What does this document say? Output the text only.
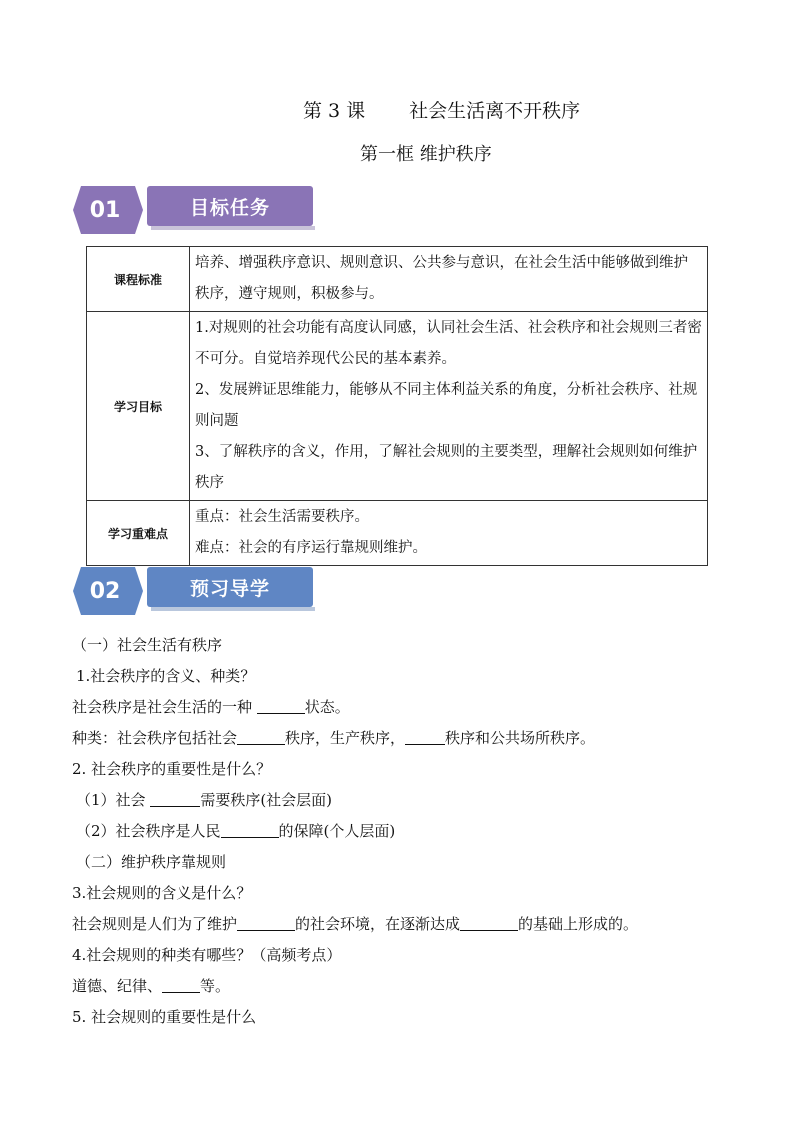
第 3 课 社会生活离不开秩序
第一框 维护秩序
01	目标任务
课程标准	培养、增强秩序意识、规则意识、公共参与意识，在社会生活中能够做到维护秩序，遵守规则，积极参与。

学习目标	1.对规则的社会功能有高度认同感，认同社会生活、社会秩序和社会规则三者密不可分。自觉培养现代公民的基本素养。
2、发展辨证思维能力，能够从不同主体利益关系的角度，分析社会秩序、社规则问题
3、了解秩序的含义，作用，了解社会规则的主要类型，理解社会规则如何维护秩序

学习重难点	重点：社会生活需要秩序。
难点：社会的有序运行靠规则维护。
02	预习导学

（一）社会生活有秩序

1.社会秩序的含义、种类？

社会秩序是社会生活的一种	状态。

种类：社会秩序包括社会	秩序，生产秩序，	秩序和公共场所秩序。

2. 社会秩序的重要性是什么？

（1）社会	需要秩序(社会层面)

（2）社会秩序是人民	的保障(个人层面)

（二）维护秩序靠规则

3.社会规则的含义是什么？

社会规则是人们为了维护	的社会环境，在逐渐达成	的基础上形成的。

4.社会规则的种类有哪些？（高频考点）

道德、纪律、	等。

5. 社会规则的重要性是什么
